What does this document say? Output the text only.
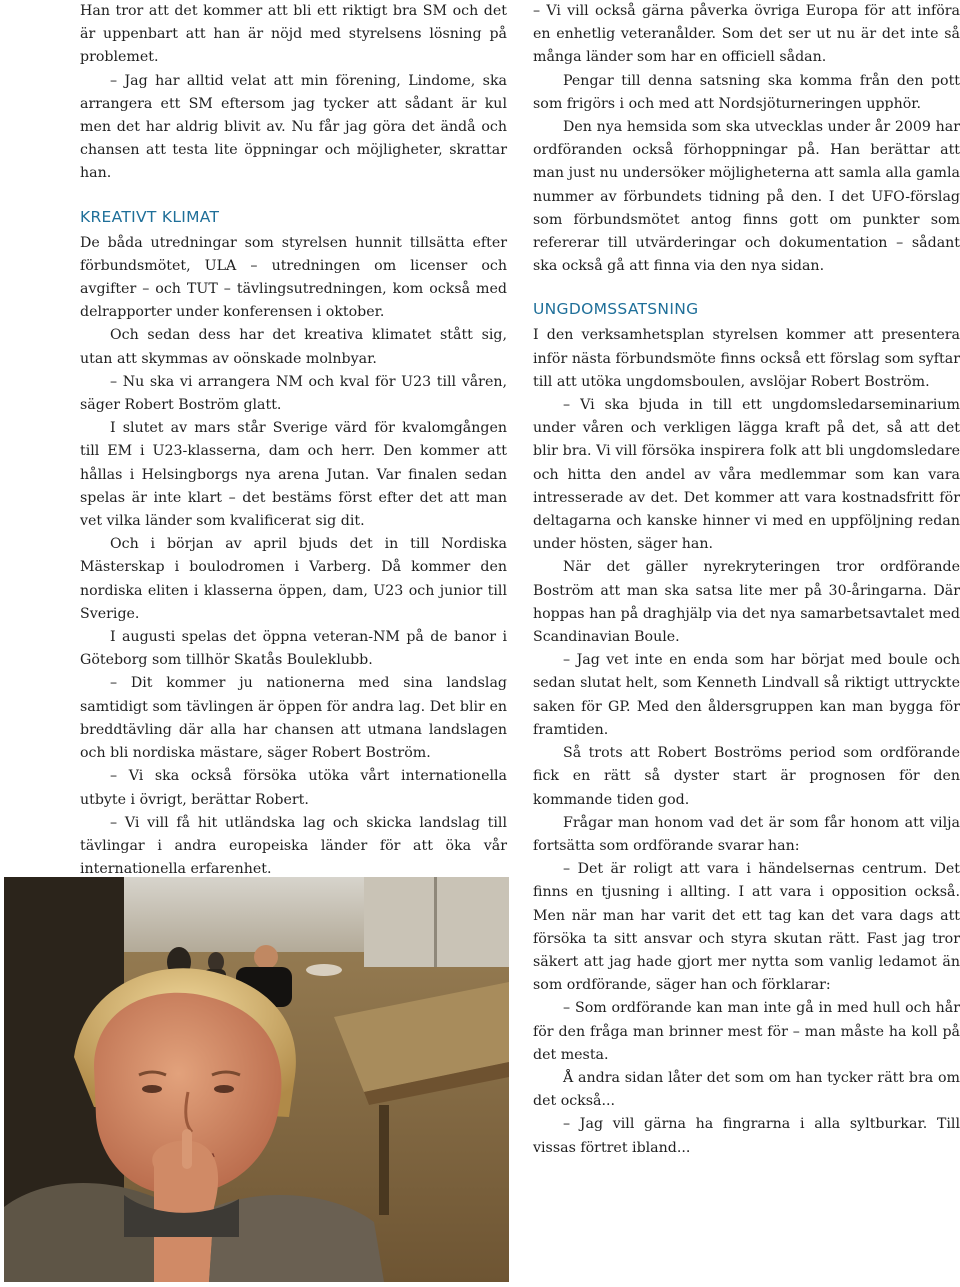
Han tror att det kommer att bli ett riktigt bra SM och det är uppenbart att han är nöjd med styrelsens lösning på problemet.

– Jag har alltid velat att min förening, Lindome, ska arrangera ett SM eftersom jag tycker att sådant är kul men det har aldrig blivit av. Nu får jag göra det ändå och chansen att testa lite öppningar och möjligheter, skrattar han.

KREATIVT KLIMAT

De båda utredningar som styrelsen hunnit tillsätta efter förbundsmötet, ULA – utredningen om licenser och avgifter – och TUT – tävlingsutredningen, kom också med delrapporter under konferensen i oktober.

Och sedan dess har det kreativa klimatet stått sig, utan att skymmas av oönskade molnbyar.

– Nu ska vi arrangera NM och kval för U23 till våren, säger Robert Boström glatt.

I slutet av mars står Sverige värd för kvalomgången till EM i U23-klasserna, dam och herr. Den kommer att hållas i Helsingborgs nya arena Jutan. Var finalen sedan spelas är inte klart – det bestäms först efter det att man vet vilka länder som kvalificerat sig dit.

Och i början av april bjuds det in till Nordiska Mästerskap i boulodromen i Varberg. Då kommer den nordiska eliten i klasserna öppen, dam, U23 och junior till Sverige.

I augusti spelas det öppna veteran-NM på de banor i Göteborg som tillhör Skatås Bouleklubb.

– Dit kommer ju nationerna med sina landslag samtidigt som tävlingen är öppen för andra lag. Det blir en breddtävling där alla har chansen att utmana landslagen och bli nordiska mästare, säger Robert Boström.

– Vi ska också försöka utöka vårt internationella utbyte i övrigt, berättar Robert.

– Vi vill få hit utländska lag och skicka landslag till tävlingar i andra europeiska länder för att öka vår internationella erfarenhet.

– Vi vill också gärna påverka övriga Europa för att införa en enhetlig veteranålder. Som det ser ut nu är det inte så många länder som har en officiell sådan.

Pengar till denna satsning ska komma från den pott som frigörs i och med att Nordsjöturneringen upphör.

Den nya hemsida som ska utvecklas under år 2009 har ordföranden också förhoppningar på. Han berättar att man just nu undersöker möjligheterna att samla alla gamla nummer av förbundets tidning på den. I det UFO-förslag som förbundsmötet antog finns gott om punkter som refererar till utvärderingar och dokumentation – sådant ska också gå att finna via den nya sidan.

UNGDOMSSATSNING

I den verksamhetsplan styrelsen kommer att presentera inför nästa förbundsmöte finns också ett förslag som syftar till att utöka ungdomsboulen, avslöjar Robert Boström.

– Vi ska bjuda in till ett ungdomsledarseminarium under våren och verkligen lägga kraft på det, så att det blir bra. Vi vill försöka inspirera folk att bli ungdomsledare och hitta den andel av våra medlemmar som kan vara intresserade av det. Det kommer att vara kostnadsfritt för deltagarna och kanske hinner vi med en uppföljning redan under hösten, säger han.

När det gäller nyrekryteringen tror ordförande Boström att man ska satsa lite mer på 30-åringarna. Där hoppas han på draghjälp via det nya samarbetsavtalet med Scandinavian Boule.

– Jag vet inte en enda som har börjat med boule och sedan slutat helt, som Kenneth Lindvall så riktigt uttryckte saken för GP. Med den åldersgruppen kan man bygga för framtiden.

Så trots att Robert Boströms period som ordförande fick en rätt så dyster start är prognosen för den kommande tiden god.

Frågar man honom vad det är som får honom att vilja fortsätta som ordförande svarar han:

– Det är roligt att vara i händelsernas centrum. Det finns en tjusning i allting. I att vara i opposition också. Men när man har varit det ett tag kan det vara dags att försöka ta sitt ansvar och styra skutan rätt. Fast jag tror säkert att jag hade gjort mer nytta som vanlig ledamot än som ordförande, säger han och förklarar:

– Som ordförande kan man inte gå in med hull och hår för den fråga man brinner mest för – man måste ha koll på det mesta.

Å andra sidan låter det som om han tycker rätt bra om det också...

– Jag vill gärna ha fingrarna i alla syltburkar. Till vissas förtret ibland...
